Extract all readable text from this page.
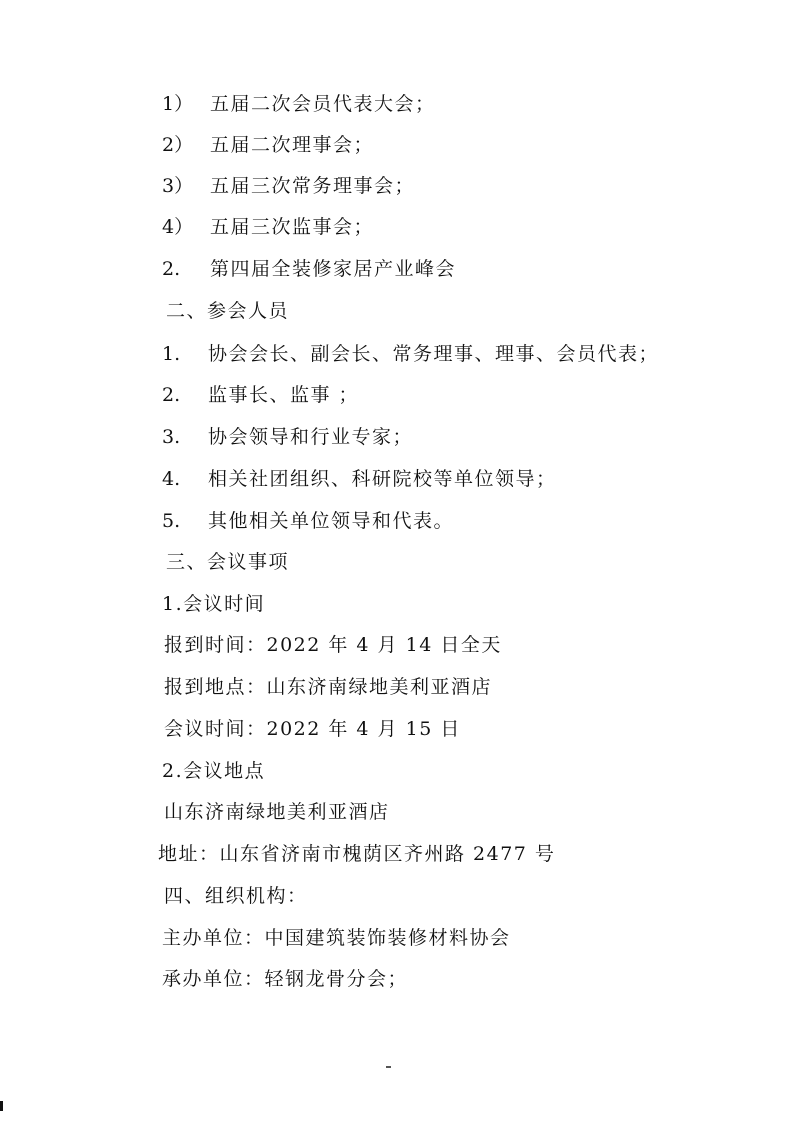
1） 五届二次会员代表大会；
2） 五届二次理事会；
3） 五届三次常务理事会；
4） 五届三次监事会；
2. 第四届全装修家居产业峰会
二、参会人员
1. 协会会长、副会长、常务理事、理事、会员代表；
2. 监事长、监事 ；
3. 协会领导和行业专家；
4. 相关社团组织、科研院校等单位领导；
5. 其他相关单位领导和代表。
三、会议事项
1.会议时间
报到时间：2022 年 4 月 14 日全天
报到地点：山东济南绿地美利亚酒店
会议时间：2022 年 4 月 15 日
2.会议地点
山东济南绿地美利亚酒店
地址：山东省济南市槐荫区齐州路 2477 号
四、组织机构：
主办单位：中国建筑装饰装修材料协会
承办单位：轻钢龙骨分会；
